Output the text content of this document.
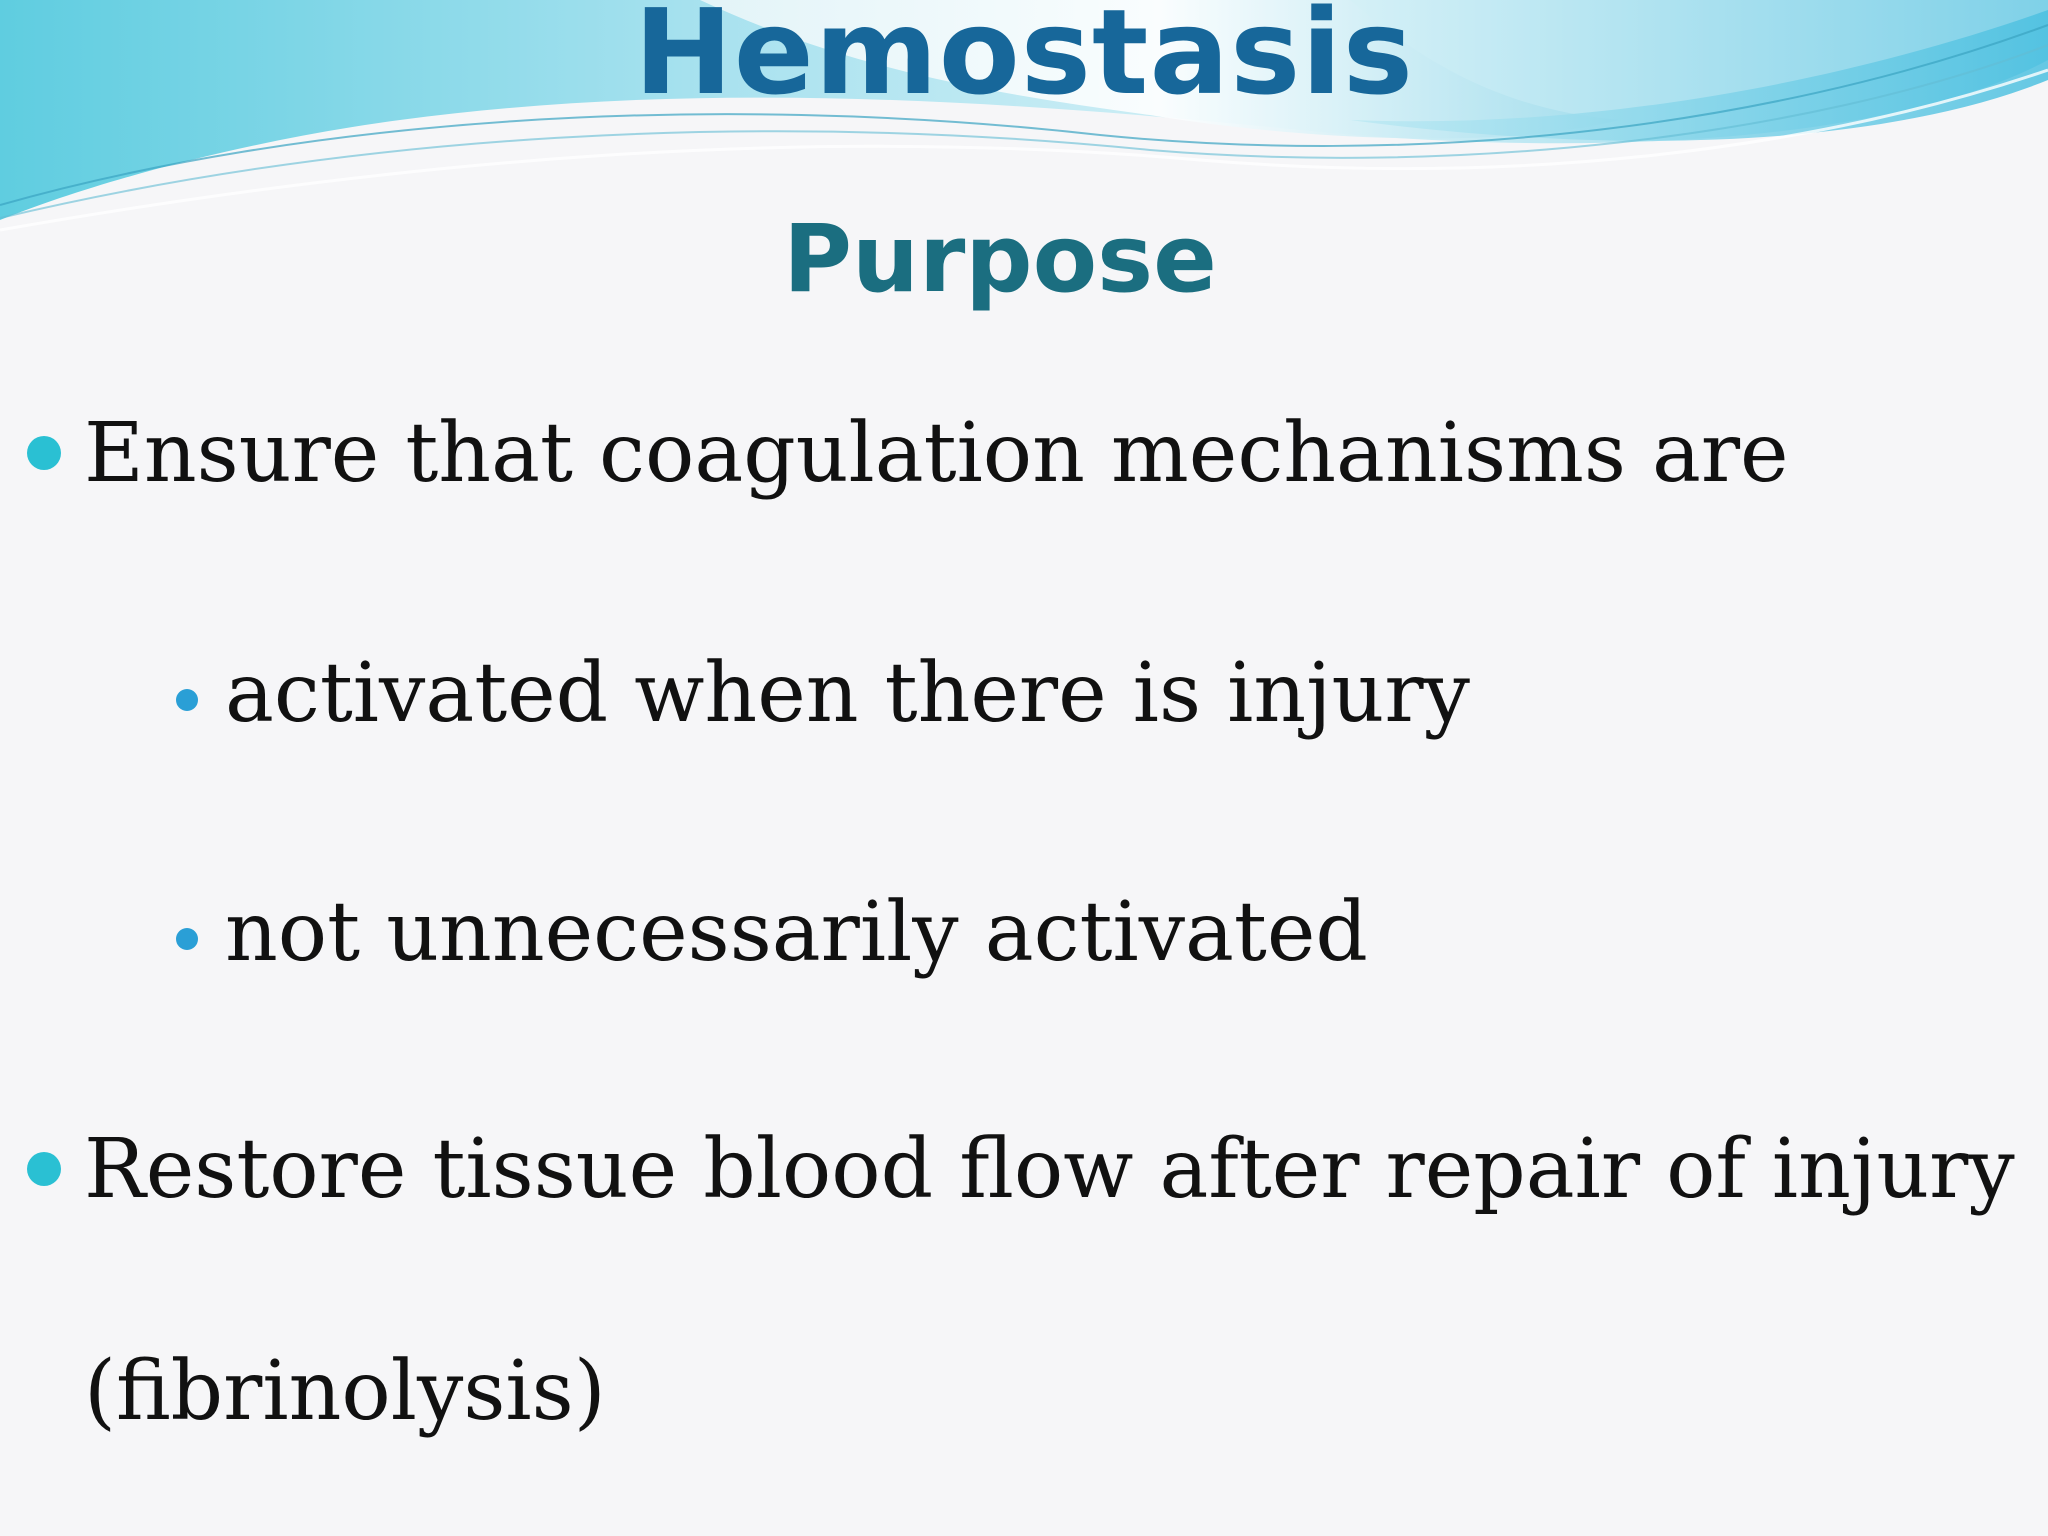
Hemostasis
Purpose
Ensure that coagulation mechanisms are
activated when there is injury
not unnecessarily activated
Restore tissue blood flow after repair of injury
(fibrinolysis)
